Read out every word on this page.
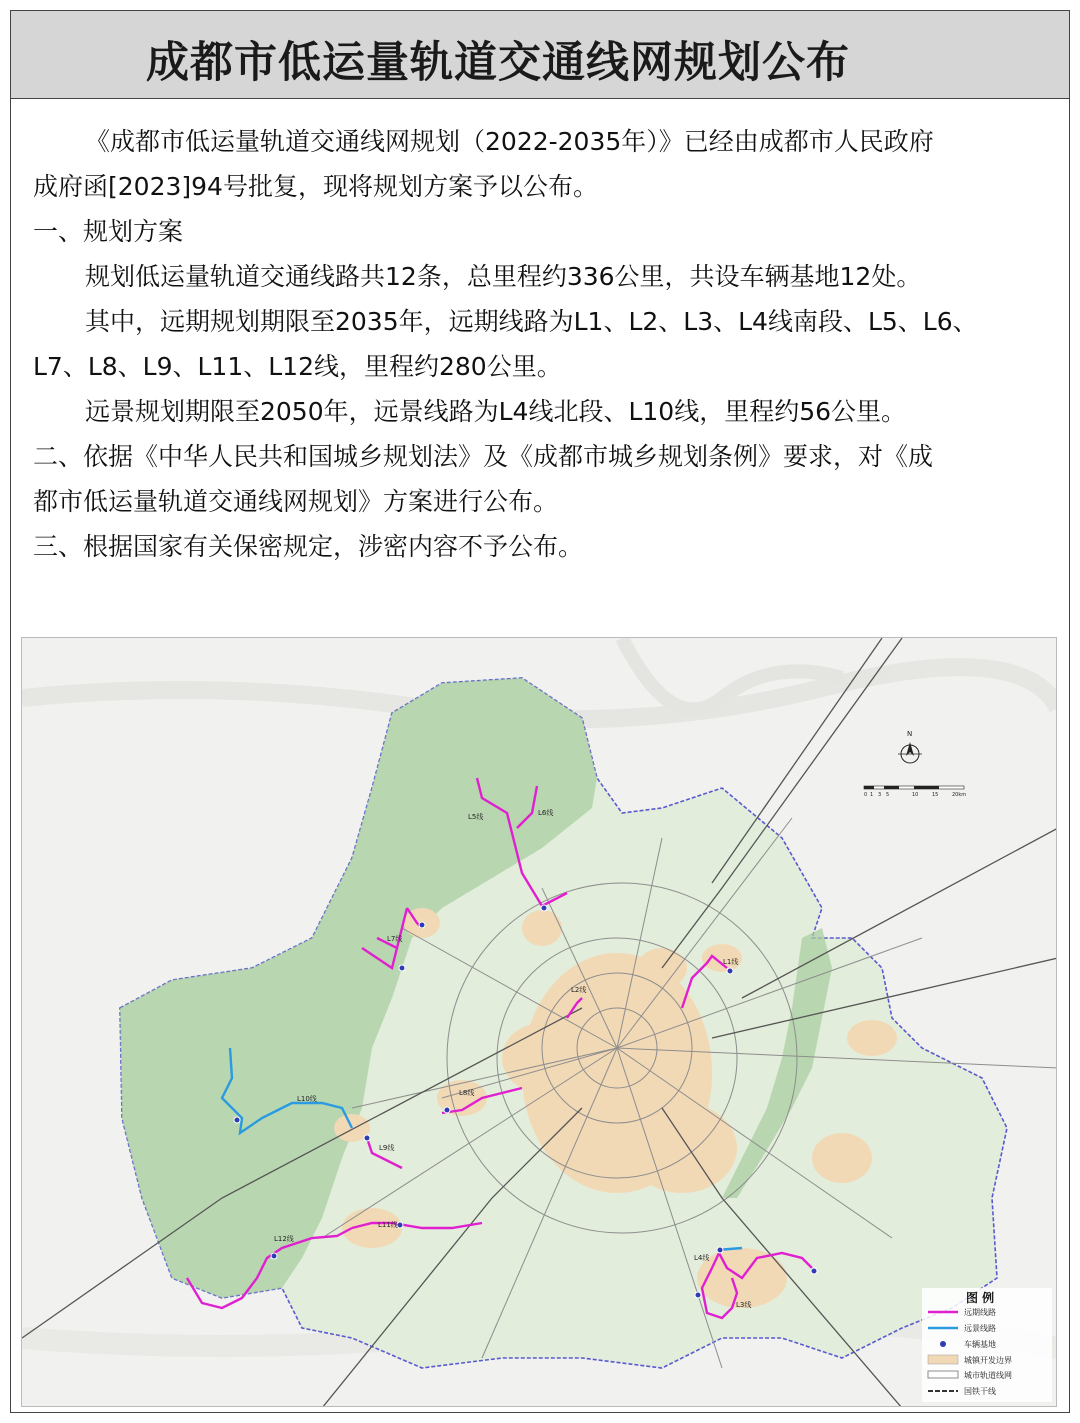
成都市低运量轨道交通线网规划公布

《成都市低运量轨道交通线网规划（2022-2035年）》已经由成都市人民政府

成府函[2023]94号批复，现将规划方案予以公布。

一、规划方案

规划低运量轨道交通线路共12条，总里程约336公里，共设车辆基地12处。

其中，远期规划期限至2035年，远期线路为L1、L2、L3、L4线南段、L5、L6、

L7、L8、L9、L11、L12线，里程约280公里。

远景规划期限至2050年，远景线路为L4线北段、L10线，里程约56公里。

二、依据《中华人民共和国城乡规划法》及《成都市城乡规划条例》要求，对《成

都市低运量轨道交通线网规划》方案进行公布。

三、根据国家有关保密规定，涉密内容不予公布。

L5线	L6线
L7线
L1线
L2线
L8线
L10线
L9线
L11线
L12线
L4线
L3线
N
0 1 3 5	10	15	20km
图 例
远期线路
远景线路
车辆基地
城镇开发边界
城市轨道线网
国铁干线
